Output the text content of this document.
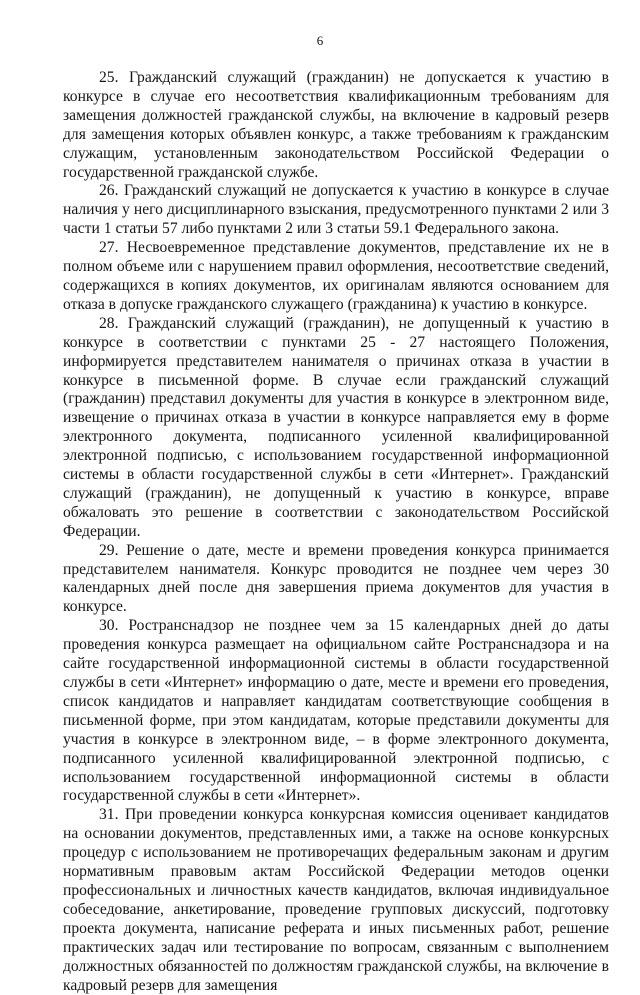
6

25. Гражданский служащий (гражданин) не допускается к участию в конкурсе в случае его несоответствия квалификационным требованиям для замещения должностей гражданской службы, на включение в кадровый резерв для замещения которых объявлен конкурс, а также требованиям к гражданским служащим, установленным законодательством Российской Федерации о государственной гражданской службе.

26. Гражданский служащий не допускается к участию в конкурсе в случае наличия у него дисциплинарного взыскания, предусмотренного пунктами 2 или 3 части 1 статьи 57 либо пунктами 2 или 3 статьи 59.1 Федерального закона.

27. Несвоевременное представление документов, представление их не в полном объеме или с нарушением правил оформления, несоответствие сведений, содержащихся в копиях документов, их оригиналам являются основанием для отказа в допуске гражданского служащего (гражданина) к участию в конкурсе.

28. Гражданский служащий (гражданин), не допущенный к участию в конкурсе в соответствии с пунктами 25 - 27 настоящего Положения, информируется представителем нанимателя о причинах отказа в участии в конкурсе в письменной форме. В случае если гражданский служащий (гражданин) представил документы для участия в конкурсе в электронном виде, извещение о причинах отказа в участии в конкурсе направляется ему в форме электронного документа, подписанного усиленной квалифицированной электронной подписью, с использованием государственной информационной системы в области государственной службы в сети «Интернет». Гражданский служащий (гражданин), не допущенный к участию в конкурсе, вправе обжаловать это решение в соответствии с законодательством Российской Федерации.

29. Решение о дате, месте и времени проведения конкурса принимается представителем нанимателя. Конкурс проводится не позднее чем через 30 календарных дней после дня завершения приема документов для участия в конкурсе.

30. Ространснадзор не позднее чем за 15 календарных дней до даты проведения конкурса размещает на официальном сайте Ространснадзора и на сайте государственной информационной системы в области государственной службы в сети «Интернет» информацию о дате, месте и времени его проведения, список кандидатов и направляет кандидатам соответствующие сообщения в письменной форме, при этом кандидатам, которые представили документы для участия в конкурсе в электронном виде, – в форме электронного документа, подписанного усиленной квалифицированной электронной подписью, с использованием государственной информационной системы в области государственной службы в сети «Интернет».

31. При проведении конкурса конкурсная комиссия оценивает кандидатов на основании документов, представленных ими, а также на основе конкурсных процедур с использованием не противоречащих федеральным законам и другим нормативным правовым актам Российской Федерации методов оценки профессиональных и личностных качеств кандидатов, включая индивидуальное собеседование, анкетирование, проведение групповых дискуссий, подготовку проекта документа, написание реферата и иных письменных работ, решение практических задач или тестирование по вопросам, связанным с выполнением должностных обязанностей по должностям гражданской службы, на включение в кадровый резерв для замещения
